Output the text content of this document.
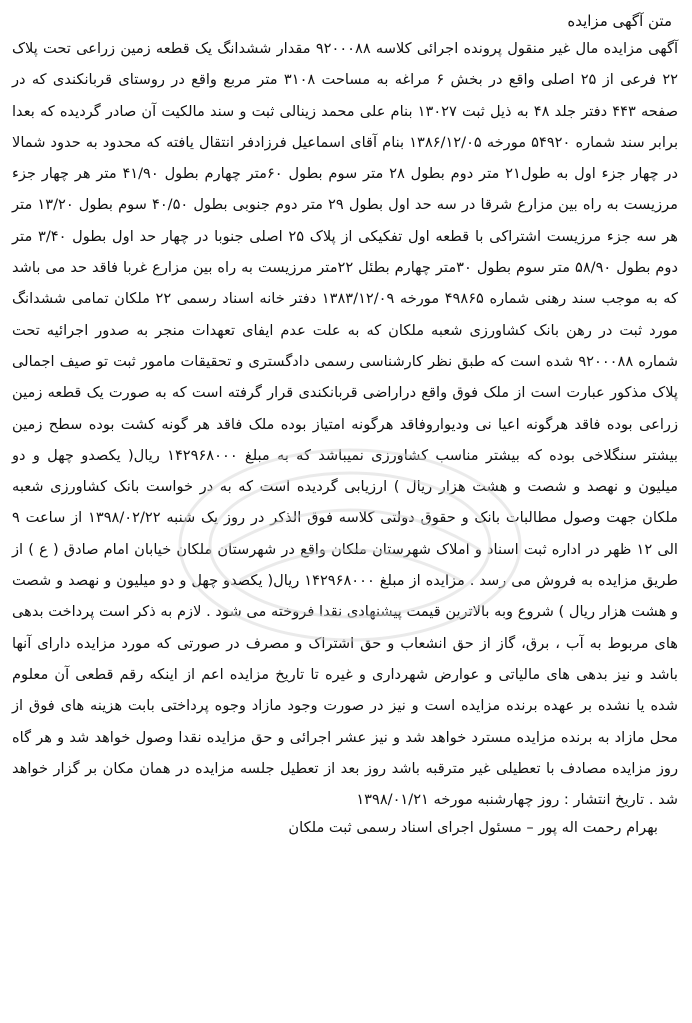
متن آگهی مزایده

آگهی مزایده مال غیر منقول پرونده اجرائی کلاسه ۹۲۰۰۰۸۸ مقدار ششدانگ یک قطعه زمین زراعی تحت پلاک ۲۲ فرعی از ۲۵ اصلی واقع در بخش ۶ مراغه به مساحت ۳۱۰۸ متر مربع واقع در روستای قربانکندی که در صفحه ۴۴۳ دفتر جلد ۴۸ به ذیل ثبت ۱۳۰۲۷ بنام علی محمد زینالی ثبت و سند مالکیت آن صادر گردیده که بعدا برابر سند شماره ۵۴۹۲۰ مورخه ۱۳۸۶/۱۲/۰۵ بنام آقای اسماعیل فرزادفر انتقال یافته که محدود به حدود شمالا در چهار جزء اول به طول۲۱ متر دوم بطول ۲۸ متر سوم بطول ۶۰متر چهارم بطول ۴۱/۹۰ متر هر چهار جزء مرزیست به راه بین مزارع شرقا در سه حد اول بطول ۲۹ متر دوم جنوبی بطول ۴۰/۵۰ سوم بطول ۱۳/۲۰ متر هر سه جزء مرزیست اشتراکی با قطعه اول تفکیکی از پلاک ۲۵ اصلی جنوبا در چهار حد اول بطول ۳/۴۰ متر دوم بطول ۵۸/۹۰ متر سوم بطول ۳۰متر چهارم بطئل ۲۲متر مرزیست به راه بین مزارع غربا فاقد حد می باشد که به موجب سند رهنی شماره ۴۹۸۶۵ مورخه ۱۳۸۳/۱۲/۰۹ دفتر خانه اسناد رسمی ۲۲ ملکان تمامی ششدانگ مورد ثبت در رهن بانک کشاورزی شعبه ملکان که به علت عدم ایفای تعهدات منجر به صدور اجرائیه تحت شماره ۹۲۰۰۰۸۸ شده است که طبق نظر کارشناسی رسمی دادگستری و تحقیقات مامور ثبت تو صیف اجمالی پلاک مذکور عبارت است از ملک فوق واقع دراراضی قربانکندی قرار گرفته است که به صورت یک قطعه زمین زراعی بوده فاقد هرگونه اعیا نی ودیواروفاقد هرگونه امتیاز بوده ملک فاقد هر گونه کشت بوده سطح زمین بیشتر سنگلاخی بوده که بیشتر مناسب کشاورزی نمیباشد که به مبلغ ۱۴۲۹۶۸۰۰۰ ریال( یکصدو چهل و دو میلیون و نهصد و شصت و هشت هزار ریال ) ارزیابی گردیده است که به در خواست بانک کشاورزی شعبه ملکان جهت وصول مطالبات بانک و حقوق دولتی کلاسه فوق الذکر در روز یک شنبه ۱۳۹۸/۰۲/۲۲ از ساعت ۹ الی ۱۲ ظهر در اداره ثبت اسناد و املاک شهرستان ملکان واقع در شهرستان ملکان خیابان امام صادق ( ع ) از طریق مزایده به فروش می رسد . مزایده از مبلغ ۱۴۲۹۶۸۰۰۰ ریال( یکصدو چهل و دو میلیون و نهصد و شصت و هشت هزار ریال ) شروع وبه بالاترین قیمت پیشنهادی نقدا فروخته می شود . لازم به ذکر است پرداخت بدهی های مربوط به آب ، برق، گاز از حق انشعاب و حق اشتراک و مصرف در صورتی که مورد مزایده دارای آنها باشد و نیز بدهی های مالیاتی و عوارض شهرداری و غیره تا تاریخ مزایده اعم از اینکه رقم قطعی آن معلوم شده یا نشده بر عهده برنده مزایده است و نیز در صورت وجود مازاد وجوه پرداختی بابت هزینه های فوق از محل مازاد به برنده مزایده مسترد خواهد شد و نیز عشر اجرائی و حق مزایده نقدا وصول خواهد شد و هر گاه روز مزایده مصادف با تعطیلی غیر مترقبه باشد روز بعد از تعطیل جلسه مزایده در همان مکان بر گزار خواهد شد . تاریخ انتشار : روز چهارشنبه مورخه ۱۳۹۸/۰۱/۲۱

بهرام رحمت اله پور – مسئول اجرای اسناد رسمی ثبت ملکان
